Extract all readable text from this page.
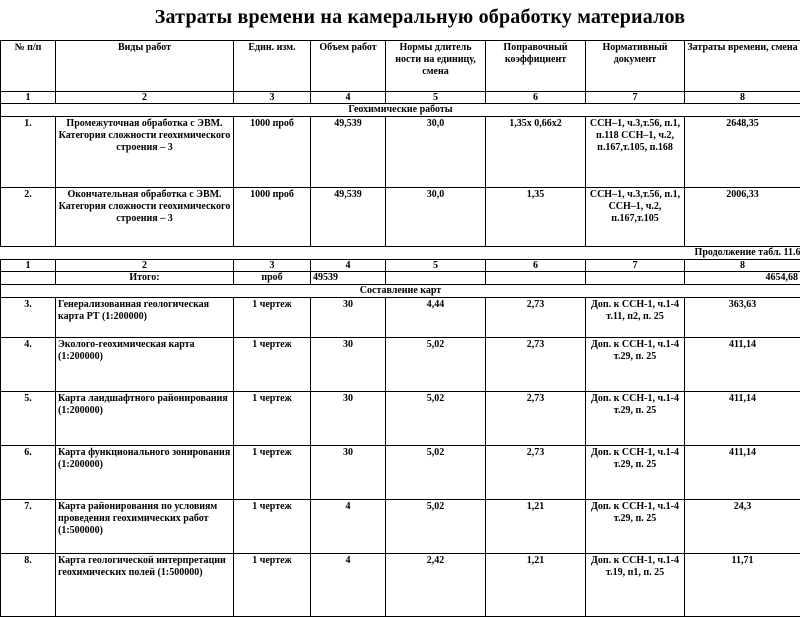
Затраты времени на камеральную обработку материалов
№ п/п	Виды работ	Един. изм.	Объем работ	Нормы длитель ности на единицу, смена	Поправочный коэффициент	Нормативный документ	Затраты времени, смена
1	2	3	4	5	6	7	8
Геохимические работы							
1.	Промежуточная обработка с ЭВМ. Категория сложности геохимического строения – 3	1000 проб	49,539	30,0	1,35х 0,66х2	ССН–1, ч.3,т.56, п.1, п.118 ССН–1, ч.2, п.167,т.105, п.168	2648,35
2.	Окончательная обработка с ЭВМ. Категория сложности геохимического строения – 3	1000 проб	49,539	30,0	1,35	ССН–1, ч.3,т.56, п.1, ССН–1, ч.2, п.167,т.105	2006,33
Продолжение табл. 11.6							
1	2	3	4	5	6	7	8
	Итого:	проб	49539				4654,68
Составление карт							
3.	Генерализованная геологическая карта РТ (1:200000)	1 чертеж	30	4,44	2,73	Доп. к ССН-1, ч.1-4 т.11, п2, п. 25	363,63
4.	Эколого-геохимическая карта (1:200000)	1 чертеж	30	5,02	2,73	Доп. к ССН-1, ч.1-4 т.29, п. 25	411,14
5.	Карта ландшафтного районирования (1:200000)	1 чертеж	30	5,02	2,73	Доп. к ССН-1, ч.1-4 т.29, п. 25	411,14
6.	Карта функционального зонирования (1:200000)	1 чертеж	30	5,02	2,73	Доп. к ССН-1, ч.1-4 т.29, п. 25	411,14
7.	Карта районирования по условиям проведения геохимических работ (1:500000)	1 чертеж	4	5,02	1,21	Доп. к ССН-1, ч.1-4 т.29, п. 25	24,3
8.	Карта геологической интерпретации геохимических полей (1:500000)	1 чертеж	4	2,42	1,21	Доп. к ССН-1, ч.1-4 т.19, п1, п. 25	11,71
